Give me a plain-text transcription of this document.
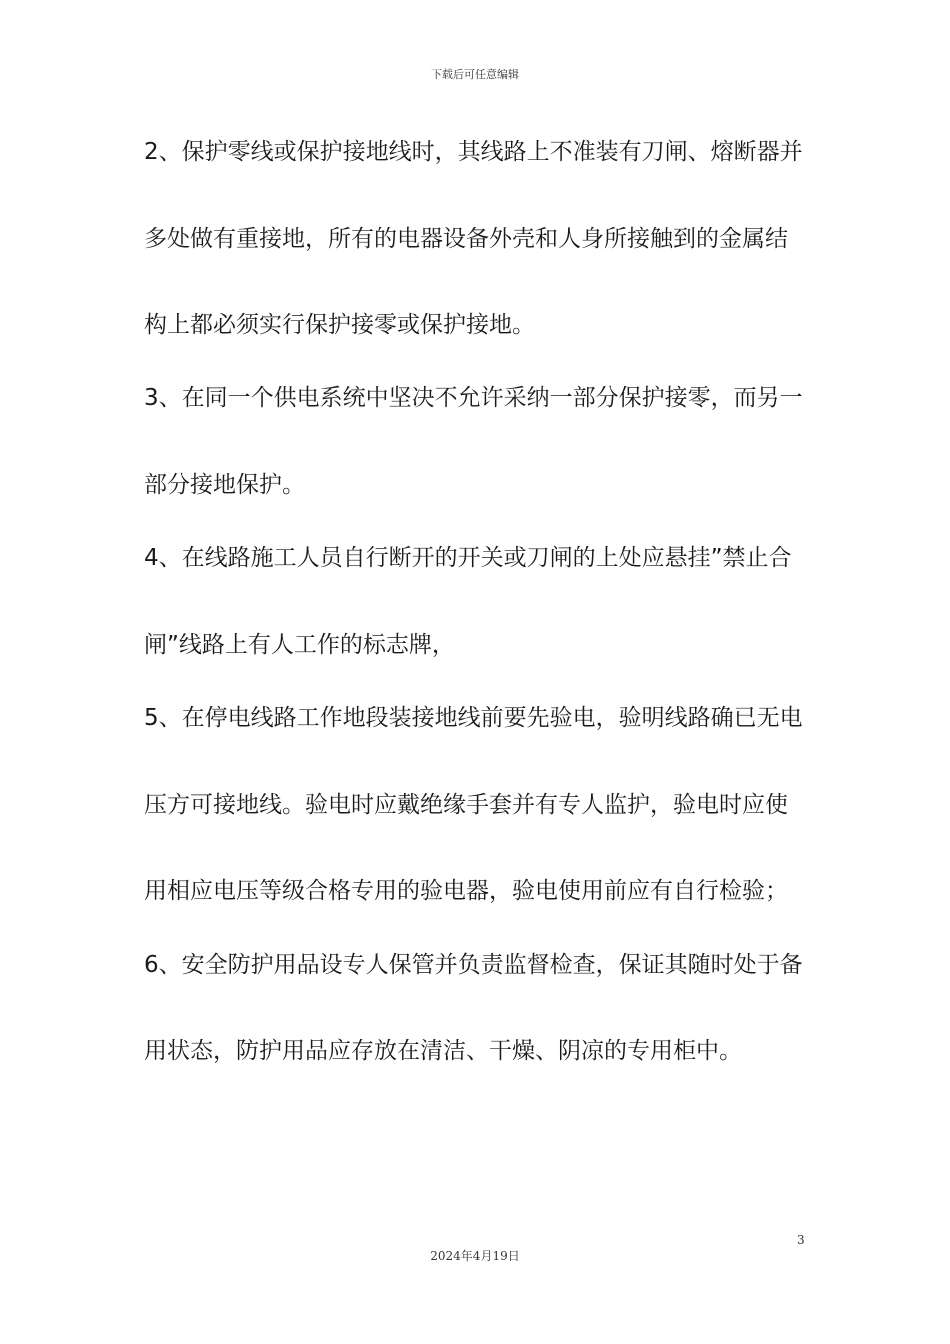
下载后可任意编辑
2、保护零线或保护接地线时，其线路上不准装有刀闸、熔断器并
多处做有重接地，所有的电器设备外壳和人身所接触到的金属结
构上都必须实行保护接零或保护接地。
3、在同一个供电系统中坚决不允许采纳一部分保护接零，而另一
部分接地保护。
4、在线路施工人员自行断开的开关或刀闸的上处应悬挂”禁止合
闸”线路上有人工作的标志牌，
5、在停电线路工作地段装接地线前要先验电，验明线路确已无电
压方可接地线。验电时应戴绝缘手套并有专人监护，验电时应使
用相应电压等级合格专用的验电器，验电使用前应有自行检验；
6、安全防护用品设专人保管并负责监督检查，保证其随时处于备
用状态，防护用品应存放在清洁、干燥、阴凉的专用柜中。
3
2024年4月19日
